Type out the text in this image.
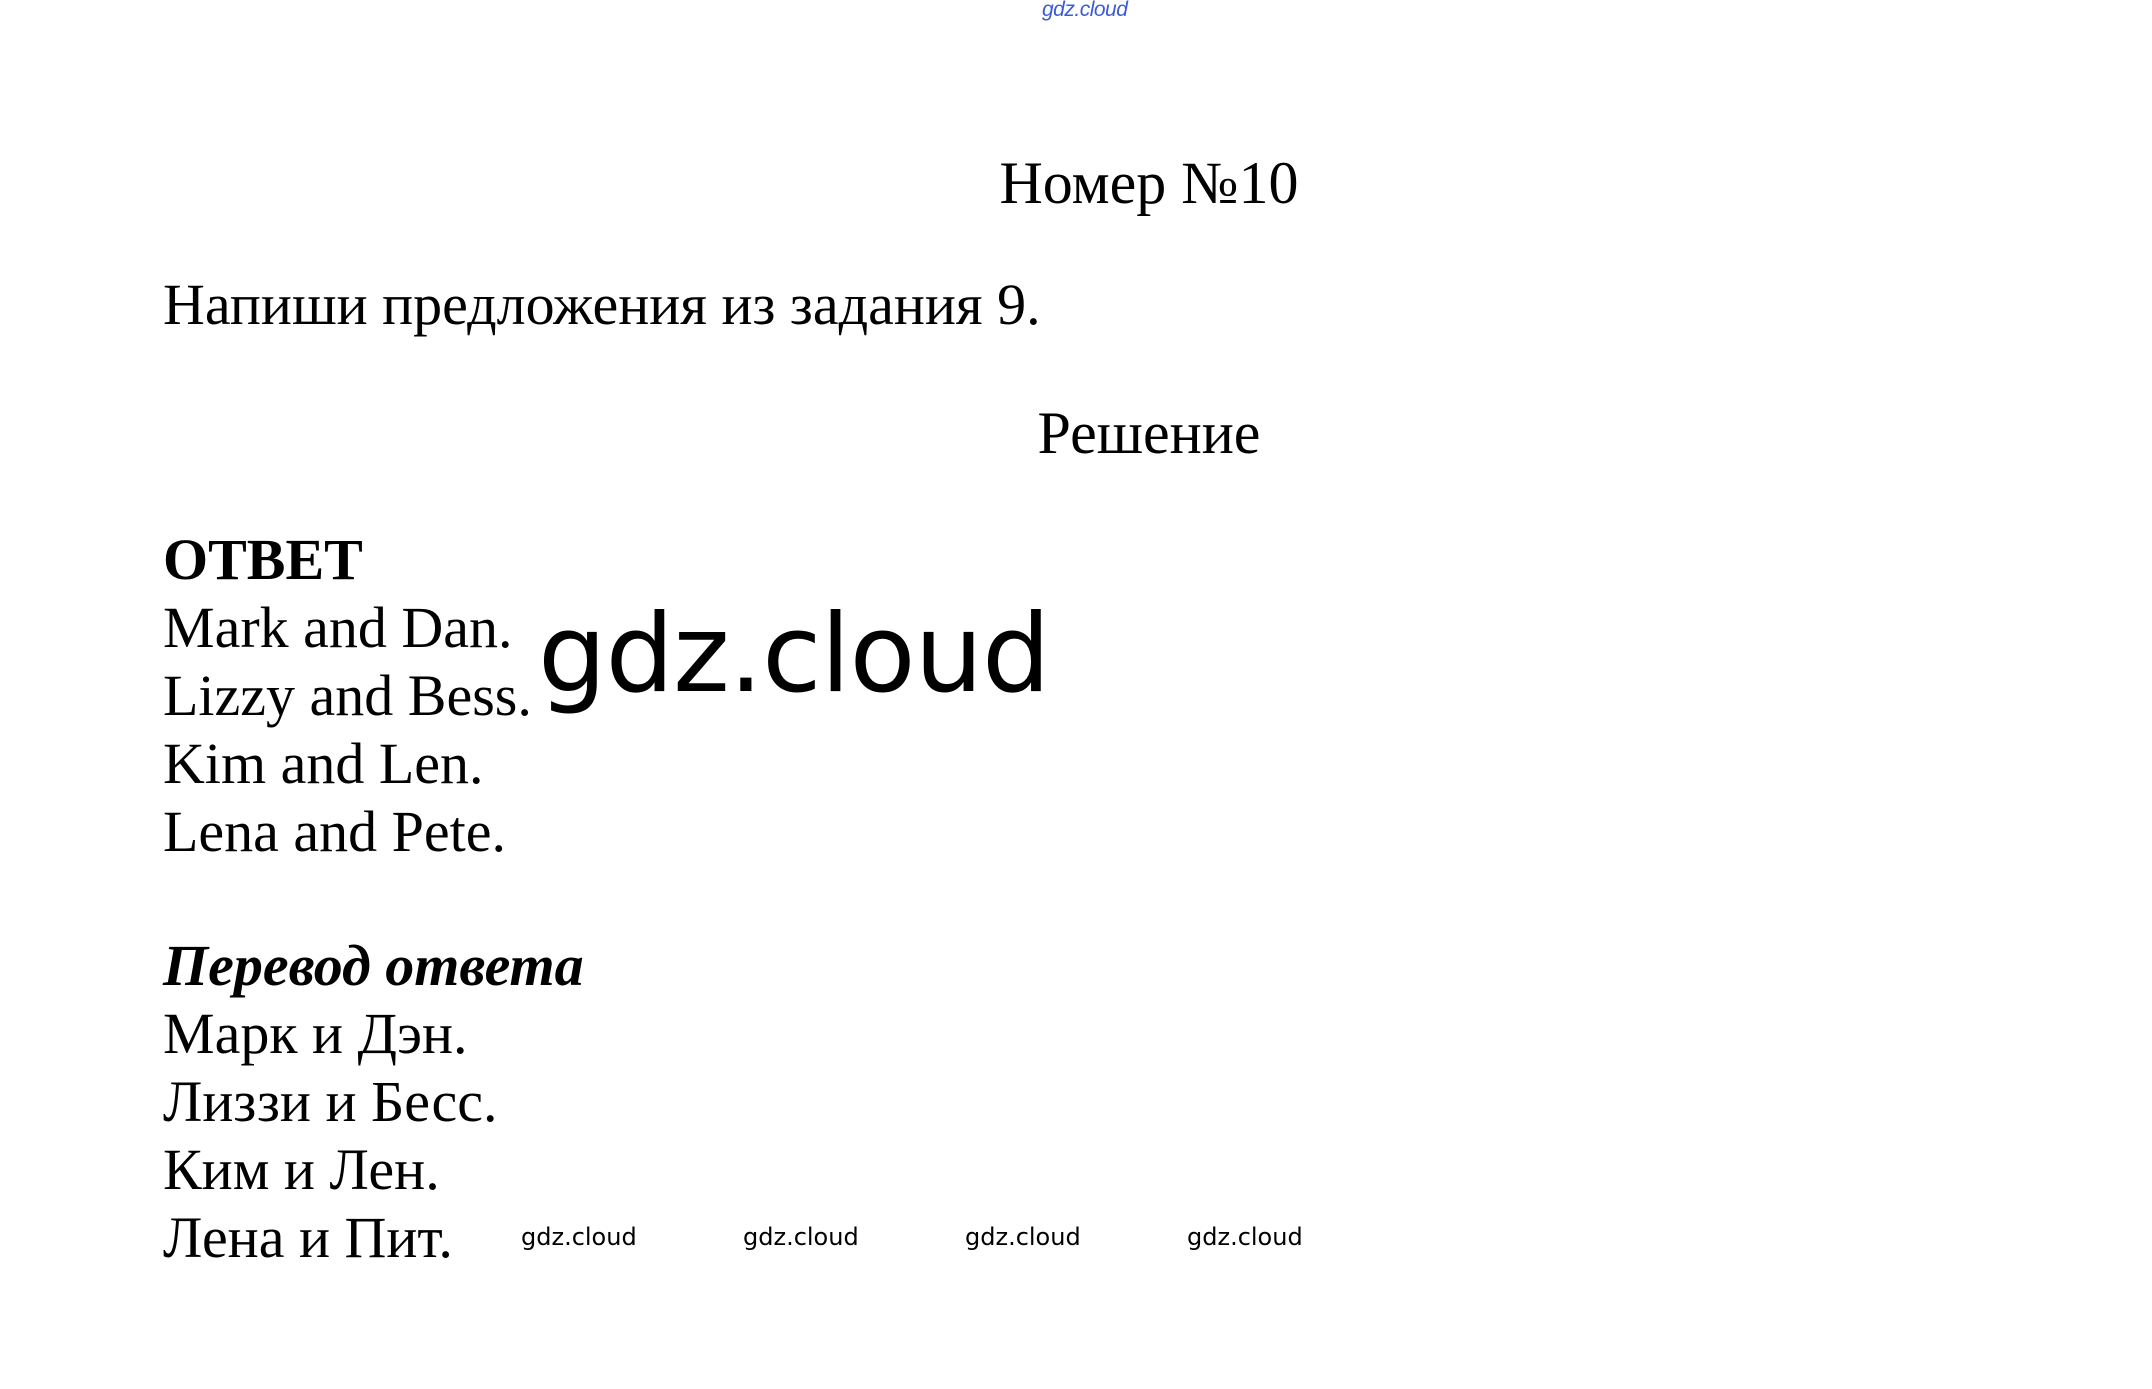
gdz.cloud
Номер №10
Напиши предложения из задания 9.
Решение
ОТВЕТ
Mark and Dan.
Lizzy and Bess.
Kim and Len.
Lena and Pete.
Перевод ответа
Марк и Дэн.
Лиззи и Бесс.
Ким и Лен.
Лена и Пит.
gdz.cloud
gdz.cloud	gdz.cloud	gdz.cloud	gdz.cloud
